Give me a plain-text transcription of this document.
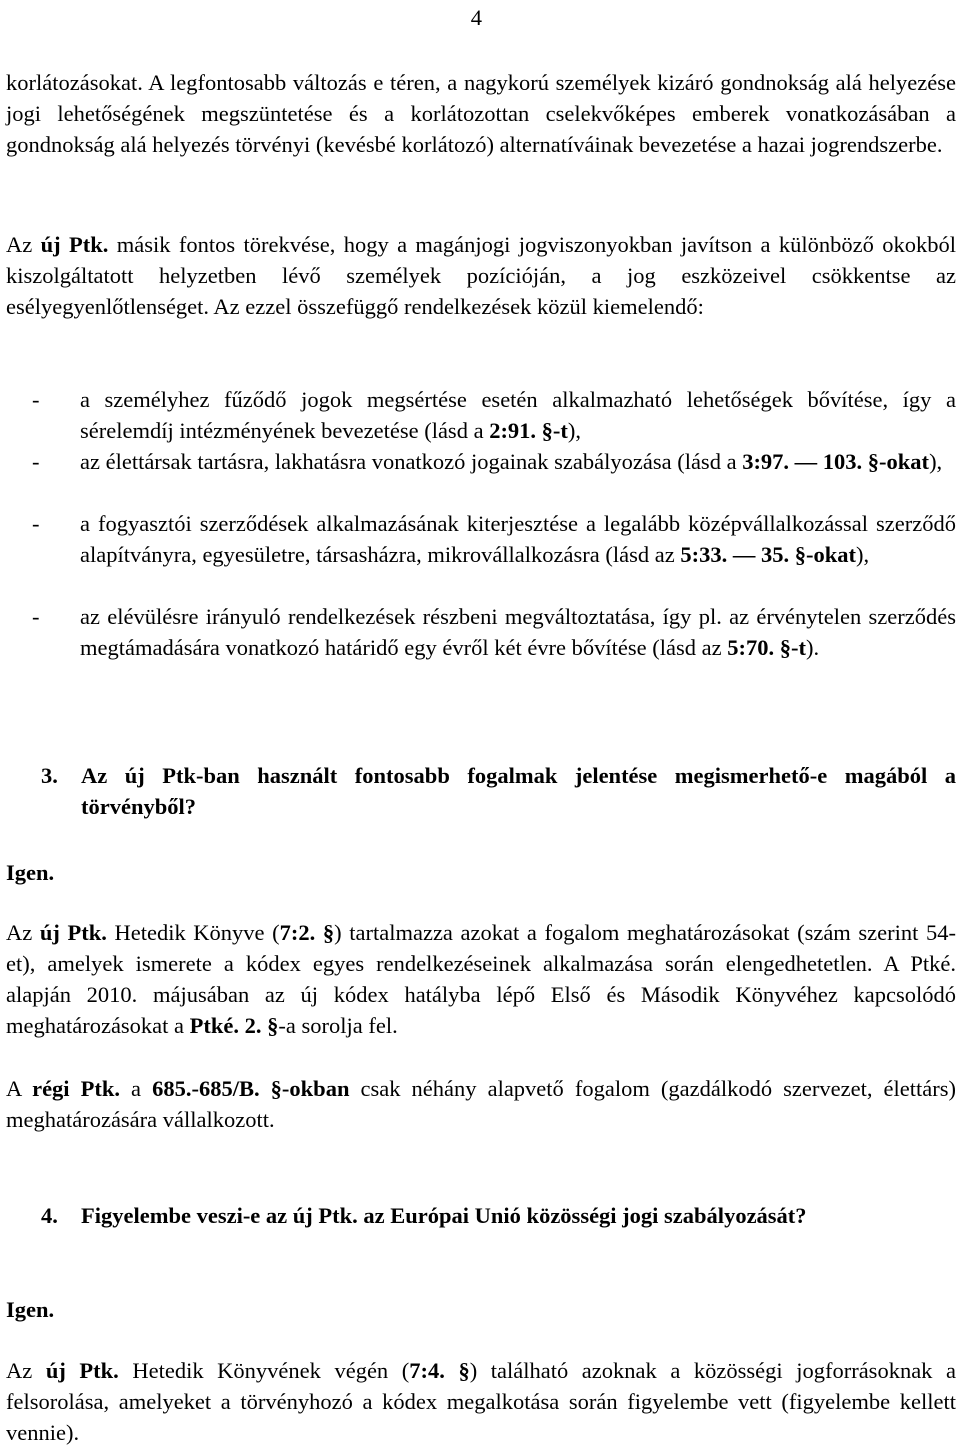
4
korlátozásokat. A legfontosabb változás e téren, a nagykorú személyek kizáró gondnokság alá helyezése jogi lehetőségének megszüntetése és a korlátozottan cselekvőképes emberek vonatkozásában a gondnokság alá helyezés törvényi (kevésbé korlátozó) alternatíváinak bevezetése a hazai jogrendszerbe.
Az új Ptk. másik fontos törekvése, hogy a magánjogi jogviszonyokban javítson a különböző okokból kiszolgáltatott helyzetben lévő személyek pozícióján, a jog eszközeivel csökkentse az esélyegyenlőtlenséget. Az ezzel összefüggő rendelkezések közül kiemelendő:
- a személyhez fűződő jogok megsértése esetén alkalmazható lehetőségek bővítése, így a sérelemdíj intézményének bevezetése (lásd a 2:91. §-t),
- az élettársak tartásra, lakhatásra vonatkozó jogainak szabályozása (lásd a 3:97. — 103. §-okat),
- a fogyasztói szerződések alkalmazásának kiterjesztése a legalább középvállalkozással szerződő alapítványra, egyesületre, társasházra, mikrovállalkozásra (lásd az 5:33. — 35. §-okat),
- az elévülésre irányuló rendelkezések részbeni megváltoztatása, így pl. az érvénytelen szerződés megtámadására vonatkozó határidő egy évről két évre bővítése (lásd az 5:70. §-t).
3. Az új Ptk-ban használt fontosabb fogalmak jelentése megismerhető-e magából a törvényből?
Igen.
Az új Ptk. Hetedik Könyve (7:2. §) tartalmazza azokat a fogalom meghatározásokat (szám szerint 54-et), amelyek ismerete a kódex egyes rendelkezéseinek alkalmazása során elengedhetetlen. A Ptké. alapján 2010. májusában az új kódex hatályba lépő Első és Második Könyvéhez kapcsolódó meghatározásokat a Ptké. 2. §-a sorolja fel.
A régi Ptk. a 685.-685/B. §-okban csak néhány alapvető fogalom (gazdálkodó szervezet, élettárs) meghatározására vállalkozott.
4. Figyelembe veszi-e az új Ptk. az Európai Unió közösségi jogi szabályozását?
Igen.
Az új Ptk. Hetedik Könyvének végén (7:4. §) található azoknak a közösségi jogforrásoknak a felsorolása, amelyeket a törvényhozó a kódex megalkotása során figyelembe vett (figyelembe kellett vennie).
